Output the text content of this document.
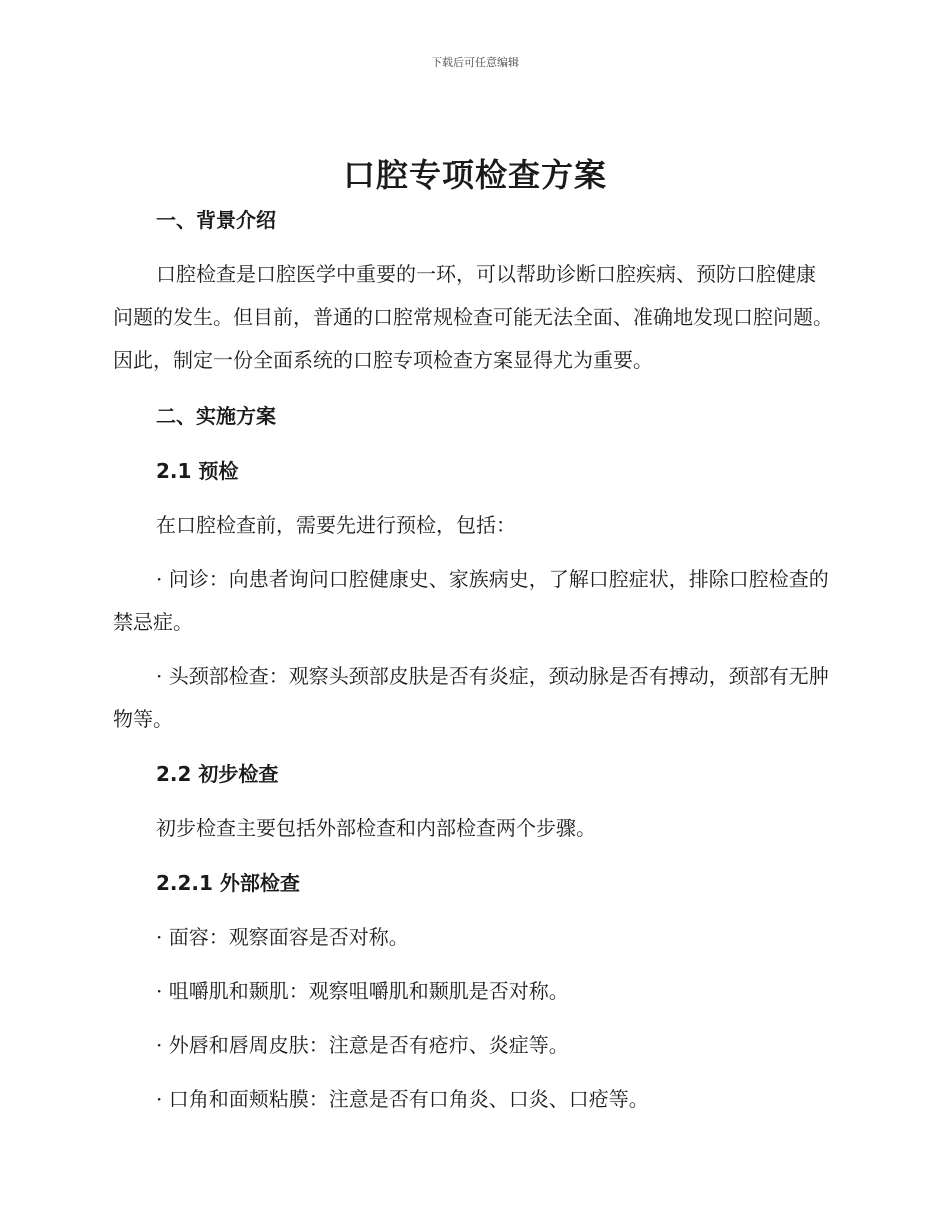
下载后可任意编辑
口腔专项检查方案
一、背景介绍

口腔检查是口腔医学中重要的一环，可以帮助诊断口腔疾病、预防口腔健康问题的发生。但目前，普通的口腔常规检查可能无法全面、准确地发现口腔问题。因此，制定一份全面系统的口腔专项检查方案显得尤为重要。

二、实施方案
2.1 预检

在口腔检查前，需要先进行预检，包括：

· 问诊：向患者询问口腔健康史、家族病史，了解口腔症状，排除口腔检查的禁忌症。

· 头颈部检查：观察头颈部皮肤是否有炎症，颈动脉是否有搏动，颈部有无肿物等。

2.2 初步检查

初步检查主要包括外部检查和内部检查两个步骤。

2.2.1 外部检查

· 面容：观察面容是否对称。

· 咀嚼肌和颞肌：观察咀嚼肌和颞肌是否对称。

· 外唇和唇周皮肤：注意是否有疮疖、炎症等。

· 口角和面颊粘膜：注意是否有口角炎、口炎、口疮等。
